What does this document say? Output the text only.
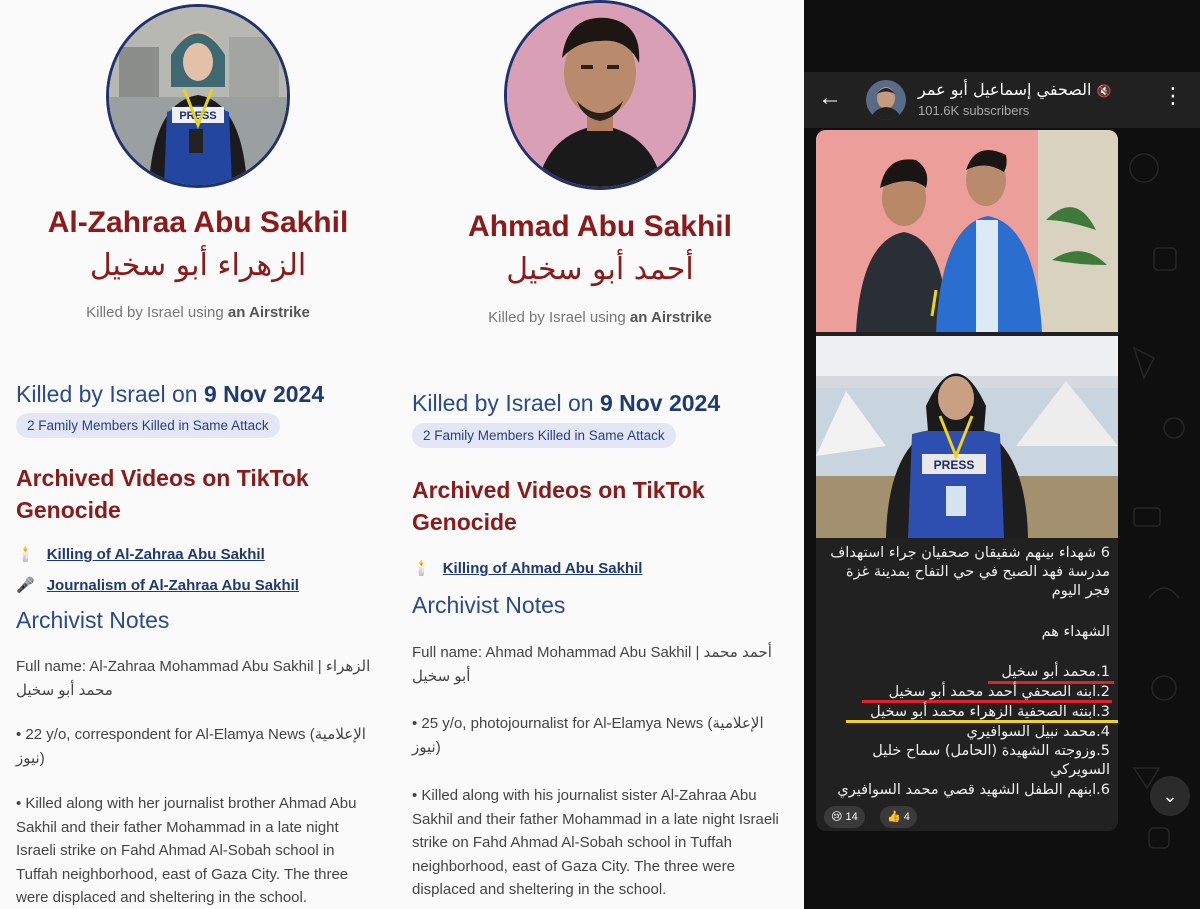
PRESS
Al-Zahraa Abu Sakhil
الزهراء أبو سخيل
Killed by Israel using an Airstrike
Killed by Israel on 9 Nov 2024
2 Family Members Killed in Same Attack
Archived Videos on TikTok Genocide
🕯️ Killing of Al-Zahraa Abu Sakhil
🎤 Journalism of Al-Zahraa Abu Sakhil
Archivist Notes
Full name: Al-Zahraa Mohammad Abu Sakhil | الزهراء محمد أبو سخيل
• 22 y/o, correspondent for Al-Elamya News (الإعلامية نيوز)
• Killed along with her journalist brother Ahmad Abu Sakhil and their father Mohammad in a late night Israeli strike on Fahd Ahmad Al-Sobah school in Tuffah neighborhood, east of Gaza City. The three were displaced and sheltering in the school.
Ahmad Abu Sakhil
أحمد أبو سخيل
Killed by Israel using an Airstrike
Killed by Israel on 9 Nov 2024
2 Family Members Killed in Same Attack
Archived Videos on TikTok Genocide
🕯️ Killing of Ahmad Abu Sakhil
Archivist Notes
Full name: Ahmad Mohammad Abu Sakhil | أحمد محمد أبو سخيل
• 25 y/o, photojournalist for Al-Elamya News (الإعلامية نيوز)
• Killed along with his journalist sister Al-Zahraa Abu Sakhil and their father Mohammad in a late night Israeli strike on Fahd Ahmad Al-Sobah school in Tuffah neighborhood, east of Gaza City. The three were displaced and sheltering in the school.
←	الصحفي إسماعيل أبو عمر 🔇
101.6K subscribers
⋮
PRESS
6 شهداء بينهم شقيقان صحفيان جراء استهداف مدرسة فهد الصبح في حي التفاح بمدينة غزة فجر اليوم
الشهداء هم
1.محمد أبو سخيل
2.ابنه الصحفي أحمد محمد أبو سخيل
3.ابنته الصحفية الزهراء محمد أبو سخيل
4.محمد نبيل السوافيري
5.وزوجته الشهيدة (الحامل) سماح خليل السويركي
6.ابنهم الطفل الشهيد قصي محمد السوافيري
😢 14	👍 4
⌄
